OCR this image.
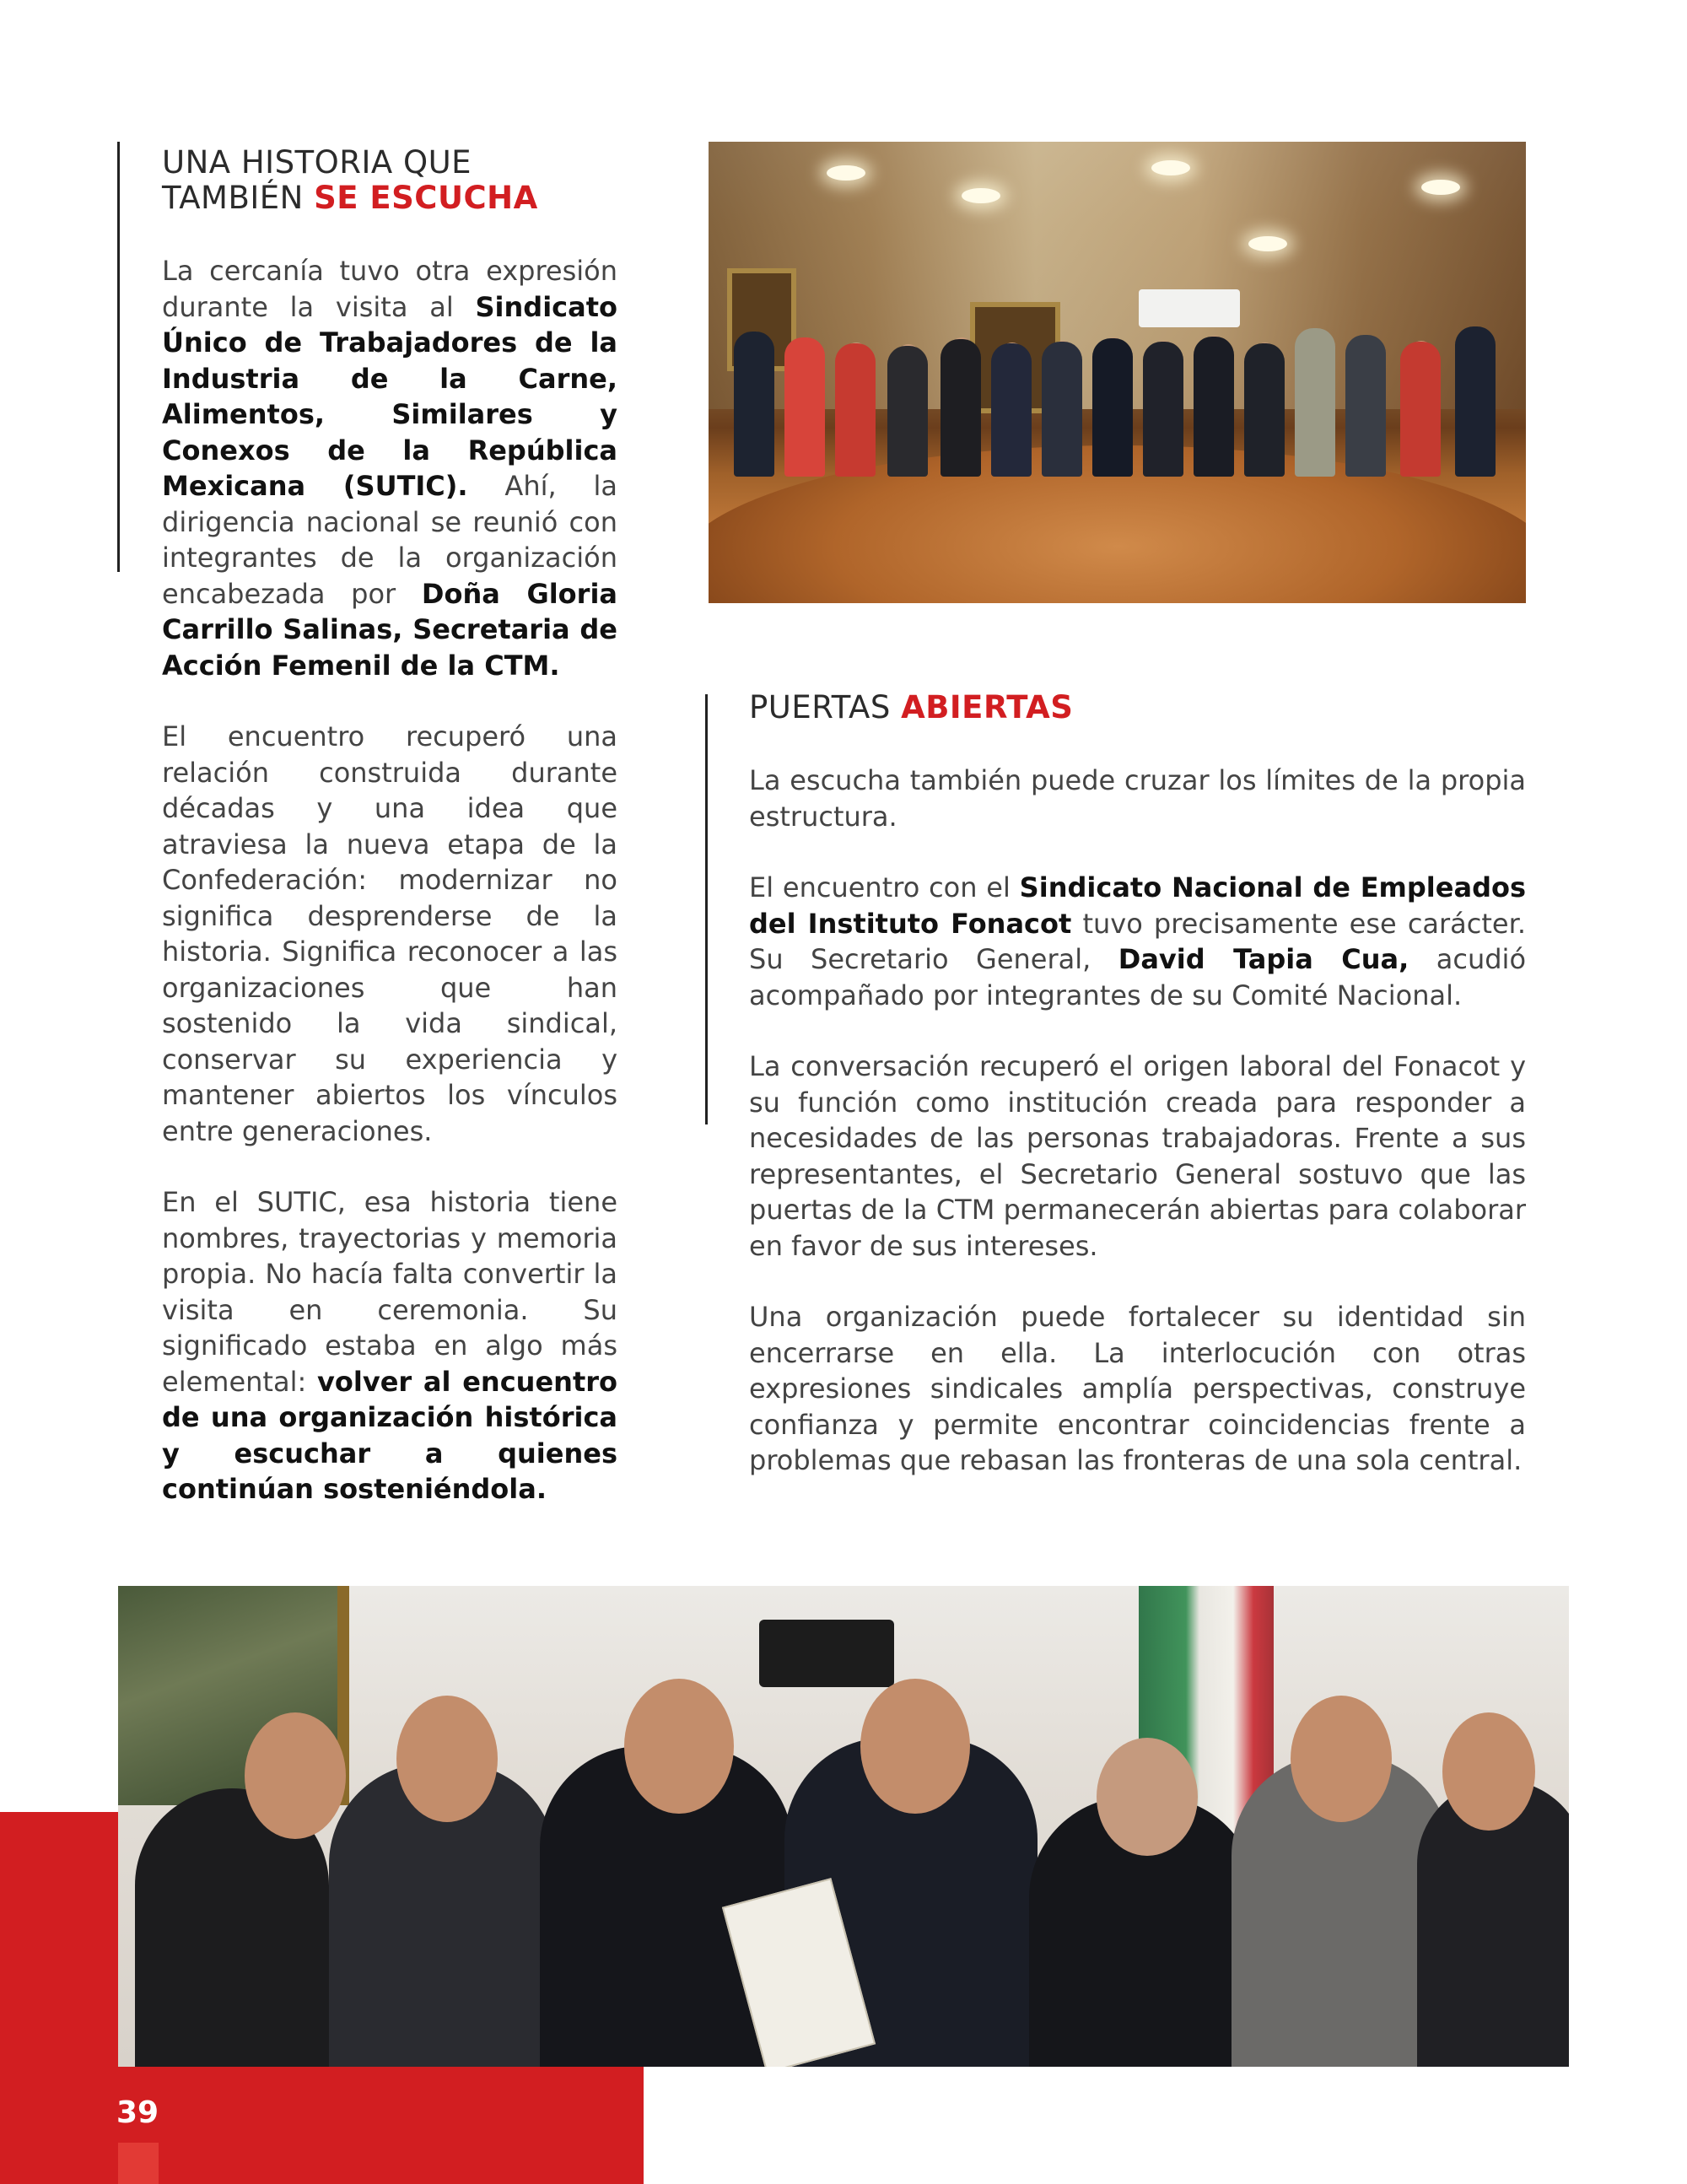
UNA HISTORIA QUE
TAMBIÉN SE ESCUCHA

La cercanía tuvo otra expresión durante la visita al Sindicato Único de Trabajadores de la Industria de la Carne, Alimentos, Similares y Conexos de la República Mexicana (SUTIC). Ahí, la dirigencia nacional se reunió con integrantes de la organización encabezada por Doña Gloria Carrillo Salinas, Secretaria de Acción Femenil de la CTM.

El encuentro recuperó una relación construida durante décadas y una idea que atraviesa la nueva etapa de la Confederación: modernizar no significa desprenderse de la historia. Significa reconocer a las organizaciones que han sostenido la vida sindical, conservar su experiencia y mantener abiertos los vínculos entre generaciones.

En el SUTIC, esa historia tiene nombres, trayectorias y memoria propia. No hacía falta convertir la visita en ceremonia. Su significado estaba en algo más elemental: volver al encuentro de una organización histórica y escuchar a quienes continúan sosteniéndola.

PUERTAS ABIERTAS

La escucha también puede cruzar los límites de la propia estructura.

El encuentro con el Sindicato Nacional de Empleados del Instituto Fonacot tuvo precisamente ese carácter. Su Secretario General, David Tapia Cua, acudió acompañado por integrantes de su Comité Nacional.

La conversación recuperó el origen laboral del Fonacot y su función como institución creada para responder a necesidades de las personas trabajadoras. Frente a sus representantes, el Secretario General sostuvo que las puertas de la CTM permanecerán abiertas para colaborar en favor de sus intereses.

Una organización puede fortalecer su identidad sin encerrarse en ella. La interlocución con otras expresiones sindicales amplía perspectivas, construye confianza y permite encontrar coincidencias frente a problemas que rebasan las fronteras de una sola central.

39
